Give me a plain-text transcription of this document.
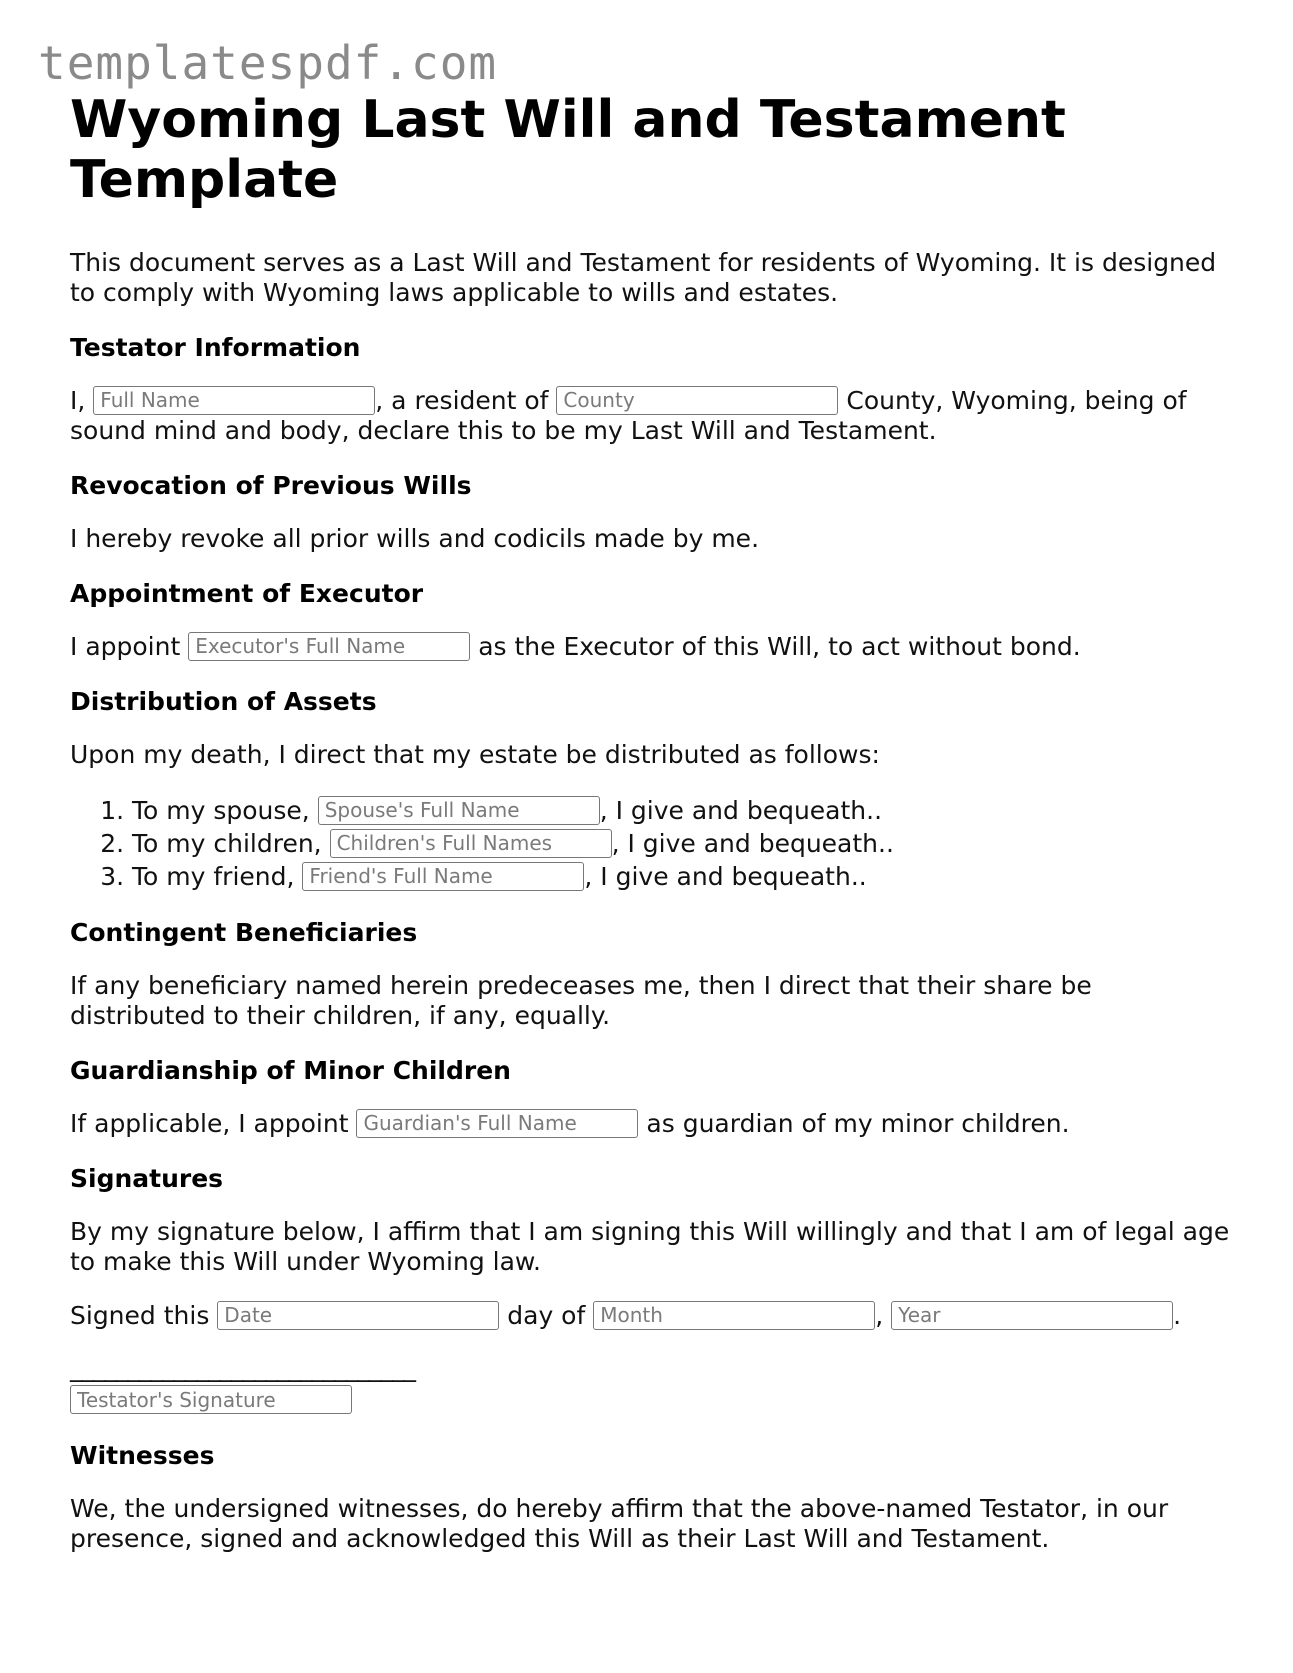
templatespdf.com

Wyoming Last Will and Testament Template

This document serves as a Last Will and Testament for residents of Wyoming. It is designed to comply with Wyoming laws applicable to wills and estates.

Testator Information

I, Full Name	, a resident of County	County, Wyoming, being of sound mind and body, declare this to be my Last Will and Testament.

Revocation of Previous Wills

I hereby revoke all prior wills and codicils made by me.

Appointment of Executor

I appoint Executor's Full Name	as the Executor of this Will, to act without bond.

Distribution of Assets

Upon my death, I direct that my estate be distributed as follows:

1. To my spouse, Spouse's Full Name	, I give and bequeath..
2. To my children, Children's Full Names	, I give and bequeath..
3. To my friend, Friend's Full Name	, I give and bequeath..
Contingent Beneficiaries

If any beneficiary named herein predeceases me, then I direct that their share be distributed to their children, if any, equally.

Guardianship of Minor Children

If applicable, I appoint Guardian's Full Name	as guardian of my minor children.

Signatures

By my signature below, I affirm that I am signing this Will willingly and that I am of legal age to make this Will under Wyoming law.

Signed this Date	day of Month	, Year	.

______________________________

Testator's Signature
Witnesses

We, the undersigned witnesses, do hereby affirm that the above-named Testator, in our presence, signed and acknowledged this Will as their Last Will and Testament.
